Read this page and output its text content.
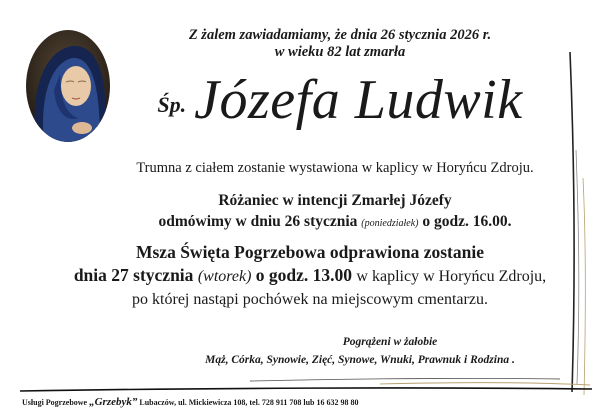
Z żalem zawiadamiamy, że dnia 26 stycznia 2026 r.
w wieku 82 lat zmarła
Śp. Józefa Ludwik
Trumna z ciałem zostanie wystawiona w kaplicy w Horyńcu Zdroju.
Różaniec w intencji Zmarłej Józefy
odmówimy w dniu 26 stycznia (poniedziałek) o godz. 16.00.
Msza Święta Pogrzebowa odprawiona zostanie
dnia 27 stycznia (wtorek) o godz. 13.00 w kaplicy w Horyńcu Zdroju,
po której nastąpi pochówek na miejscowym cmentarzu.
Pogrążeni w żałobie
Mąż, Córka, Synowie, Zięć, Synowe, Wnuki, Prawnuk i Rodzina .
Usługi Pogrzebowe „Grzebyk” Lubaczów, ul. Mickiewicza 108, tel. 728 911 708 lub 16 632 98 80
